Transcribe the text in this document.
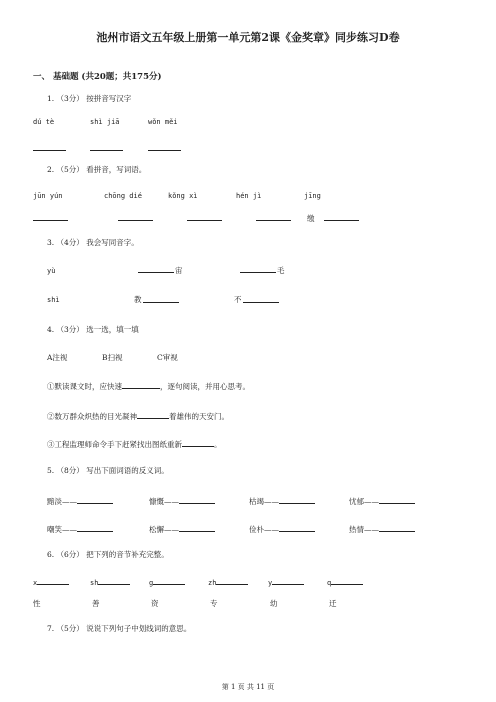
池州市语文五年级上册第一单元第2课《金奖章》同步练习D卷
一、 基础题 (共20题；共175分)
1. （3分） 按拼音写汉字
dú tè	shì jiā	wǒn měi
2. （5分） 看拼音，写词语。
jūn yún	chōng dié	kǒng xì	hén jì	jīng
缴
3. （4分） 我会写同音字。
yù	宙	毛
shì	教	不
4. （3分） 选一选，填一填
A注视	B扫视	C审视
①默读课文时，应快速	，逐句阅读，并用心思考。
②数万群众炽热的目光凝神	着雄伟的天安门。
③工程监理师命令手下赶紧找出图纸重新	。
5. （8分） 写出下面词语的反义词。
黯淡——	慷慨——	枯竭——	忧郁——
嘲笑——	松懈——	俭朴——	热情——
6. （6分） 把下列的音节补充完整。
x	sh	g	zh	y	q
性	善	资	专	幼	迁
7. （5分） 说说下列句子中划线词的意思。
第 1 页 共 11 页
